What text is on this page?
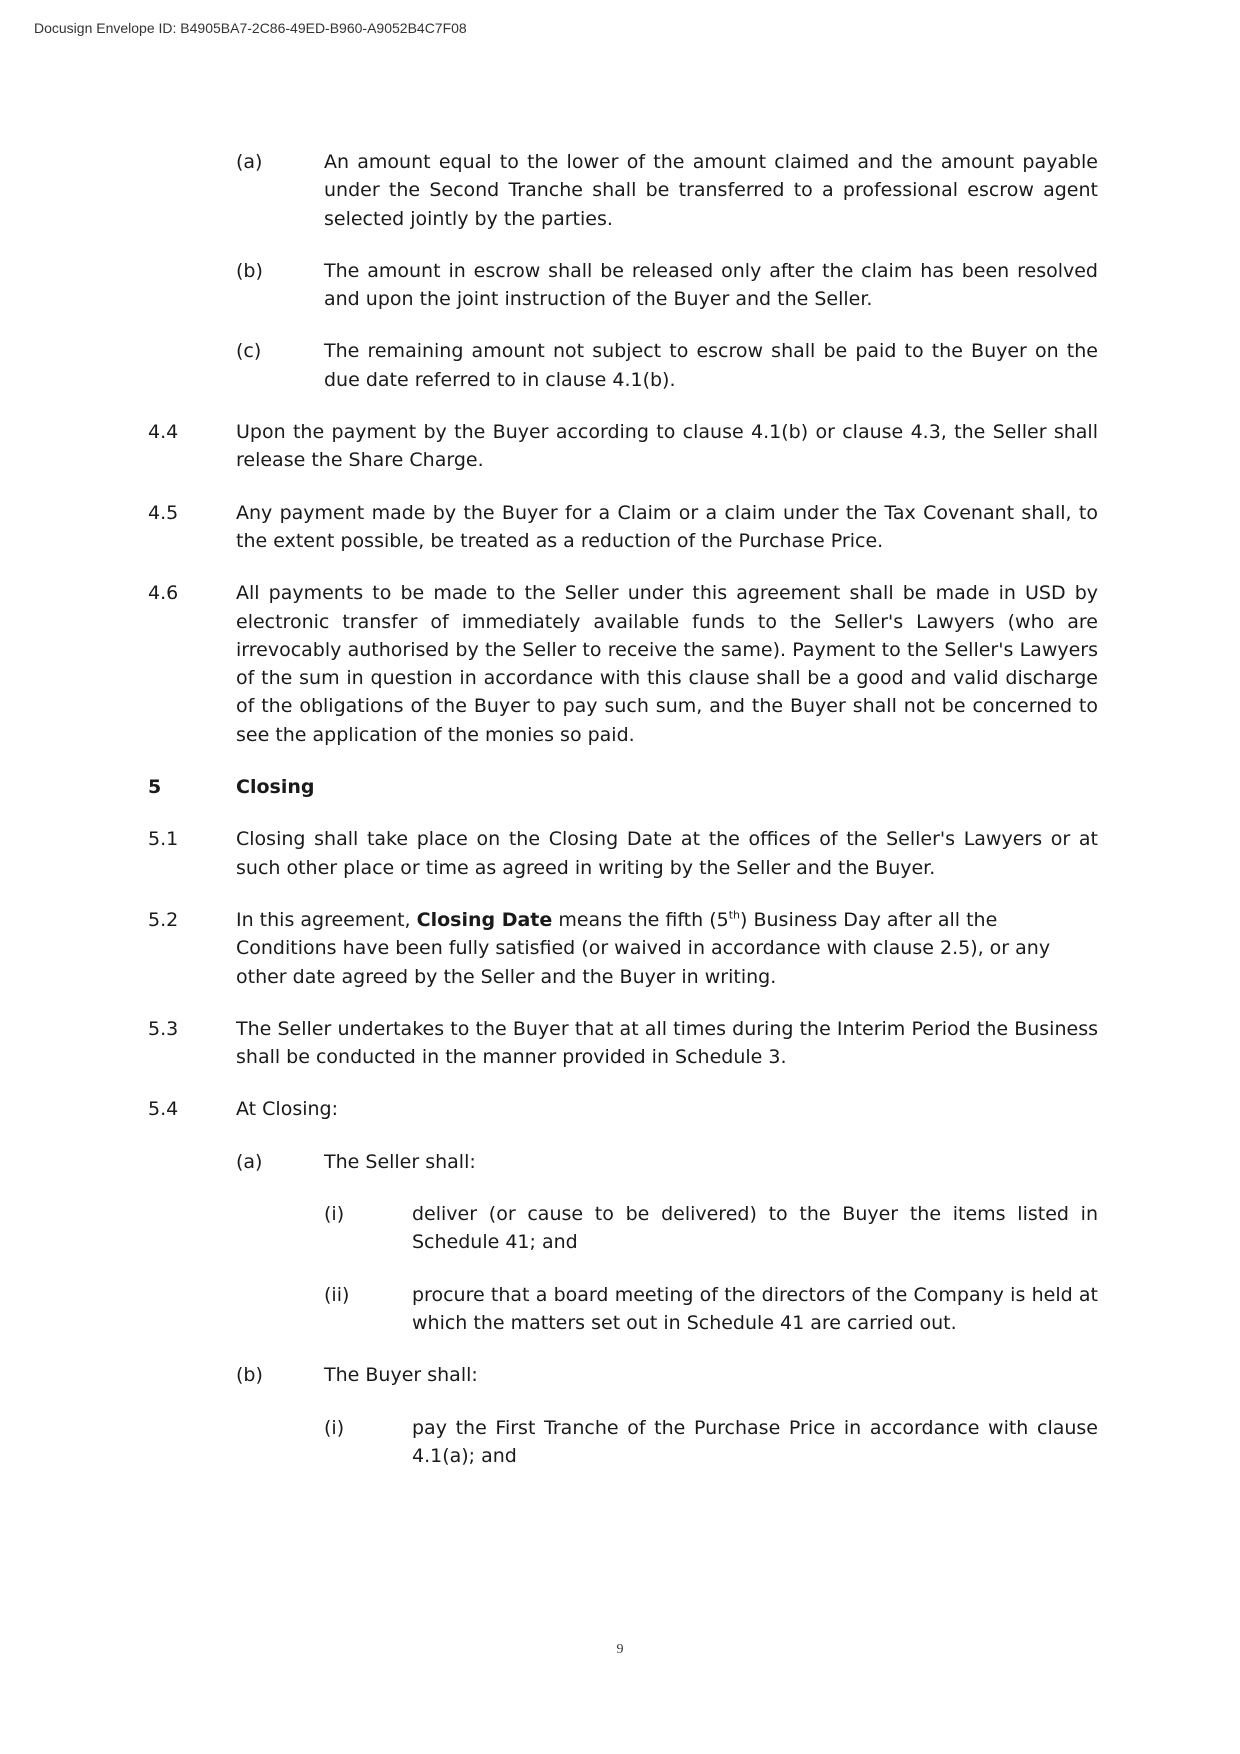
Docusign Envelope ID: B4905BA7-2C86-49ED-B960-A9052B4C7F08
(a)	An amount equal to the lower of the amount claimed and the amount payable under the Second Tranche shall be transferred to a professional escrow agent selected jointly by the parties.
(b)	The amount in escrow shall be released only after the claim has been resolved and upon the joint instruction of the Buyer and the Seller.
(c)	The remaining amount not subject to escrow shall be paid to the Buyer on the due date referred to in clause 4.1(b).
4.4	Upon the payment by the Buyer according to clause 4.1(b) or clause 4.3, the Seller shall release the Share Charge.
4.5	Any payment made by the Buyer for a Claim or a claim under the Tax Covenant shall, to the extent possible, be treated as a reduction of the Purchase Price.
4.6	All payments to be made to the Seller under this agreement shall be made in USD by electronic transfer of immediately available funds to the Seller's Lawyers (who are irrevocably authorised by the Seller to receive the same). Payment to the Seller's Lawyers of the sum in question in accordance with this clause shall be a good and valid discharge of the obligations of the Buyer to pay such sum, and the Buyer shall not be concerned to see the application of the monies so paid.
5	Closing
5.1	Closing shall take place on the Closing Date at the offices of the Seller's Lawyers or at such other place or time as agreed in writing by the Seller and the Buyer.
5.2	In this agreement, Closing Date means the fifth (5th) Business Day after all the Conditions have been fully satisfied (or waived in accordance with clause 2.5), or any other date agreed by the Seller and the Buyer in writing.
5.3	The Seller undertakes to the Buyer that at all times during the Interim Period the Business shall be conducted in the manner provided in Schedule 3.
5.4	At Closing:
(a)	The Seller shall:
(i)	deliver (or cause to be delivered) to the Buyer the items listed in Schedule 41; and
(ii)	procure that a board meeting of the directors of the Company is held at which the matters set out in Schedule 41 are carried out.
(b)	The Buyer shall:
(i)	pay the First Tranche of the Purchase Price in accordance with clause 4.1(a); and
9
